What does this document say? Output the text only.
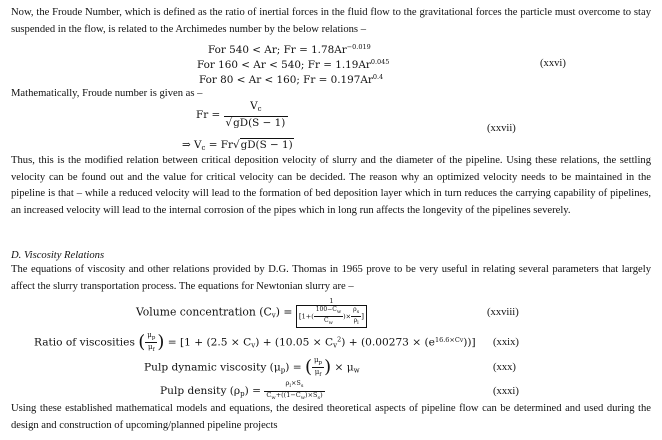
Now, the Froude Number, which is defined as the ratio of inertial forces in the fluid flow to the gravitational forces the particle must overcome to stay suspended in the flow, is related to the Archimedes number by the below relations –
For 540 < Ar; $Fr = 1.78Ar^{-0.019}$
For 160 < Ar < 540; $Fr = 1.19Ar^{0.045}$	(xxvi)
For 80 < Ar < 160; $Fr = 0.197Ar^{0.4}$
Mathematically, Froude number is given as –
$Fr = \frac{V_c}{√gD(S - 1)}$	(xxvii)
⇒ $V_c = Fr√gD(S - 1)$
Thus, this is the modified relation between critical deposition velocity of slurry and the diameter of the pipeline. Using these relations, the settling velocity can be found out and the value for critical velocity can be decided. The reason why an optimized velocity needs to be maintained in the pipeline is that – while a reduced velocity will lead to the formation of bed deposition layer which in turn reduces the carrying capability of pipelines, an increased velocity will lead to the internal corrosion of the pipes which in long run affects the longevity of the pipelines severely.
D. Viscosity Relations
The equations of viscosity and other relations provided by D.G. Thomas in 1965 prove to be very useful in relating several parameters that largely affect the slurry transportation process. The equations for Newtonian slurry are –
Volume concentration $(C_v) = \frac{1}{[1+( \frac{100-C_w}{C_w} )\times \frac{\rho_s}{\rho_l} ]}$	(xxviii)
Ratio of viscosities ( $\frac{\mu_p}{\mu_f}$ ) = $[1 + (2.5 \times C_v) + (10.05 \times C_v^2) + (0.00273 \times (e^{16.6\times Cv}))]$ (xxix)
Pulp dynamic viscosity $(\mu_p)$ = ( $\frac{\mu_p}{\mu_f}$ ) × $\mu_w$	(xxx)
Pulp density $(\rho_p) = \frac{\rho_l\times S_s}{C_w+((1-C_w)\times S_s)}$	(xxxi)
Using these established mathematical models and equations, the desired theoretical aspects of pipeline flow can be determined and used during the design and construction of upcoming/planned pipeline projects
